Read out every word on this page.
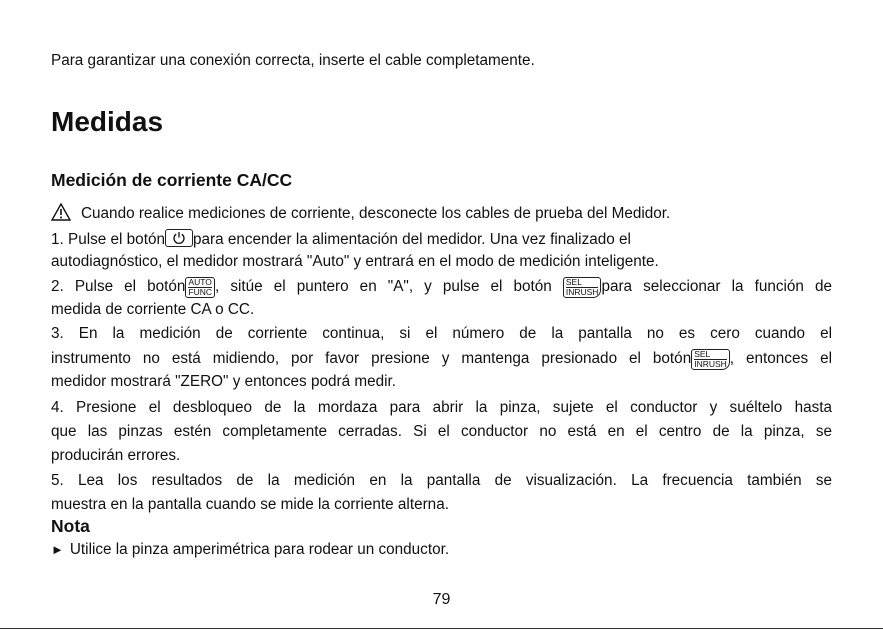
Para garantizar una conexión correcta, inserte el cable completamente.
Medidas
Medición de corriente CA/CC
Cuando realice mediciones de corriente, desconecte los cables de prueba del Medidor.
1. Pulse el botón para encender la alimentación del medidor. Una vez finalizado el
autodiagnóstico, el medidor mostrará "Auto" y entrará en el modo de medición inteligente.
2. Pulse el botón AUTO
FUNC , sitúe el puntero en "A", y pulse el botón SEL
INRUSH para seleccionar la función de
medida de corriente CA o CC.
3. En la medición de corriente continua, si el número de la pantalla no es cero cuando el
instrumento no está midiendo, por favor presione y mantenga presionado el botón SEL
INRUSH , entonces el
medidor mostrará "ZERO" y entonces podrá medir.
4. Presione el desbloqueo de la mordaza para abrir la pinza, sujete el conductor y suéltelo hasta
que las pinzas estén completamente cerradas. Si el conductor no está en el centro de la pinza, se
producirán errores.
5. Lea los resultados de la medición en la pantalla de visualización. La frecuencia también se
muestra en la pantalla cuando se mide la corriente alterna.
Nota
► Utilice la pinza amperimétrica para rodear un conductor.
79
